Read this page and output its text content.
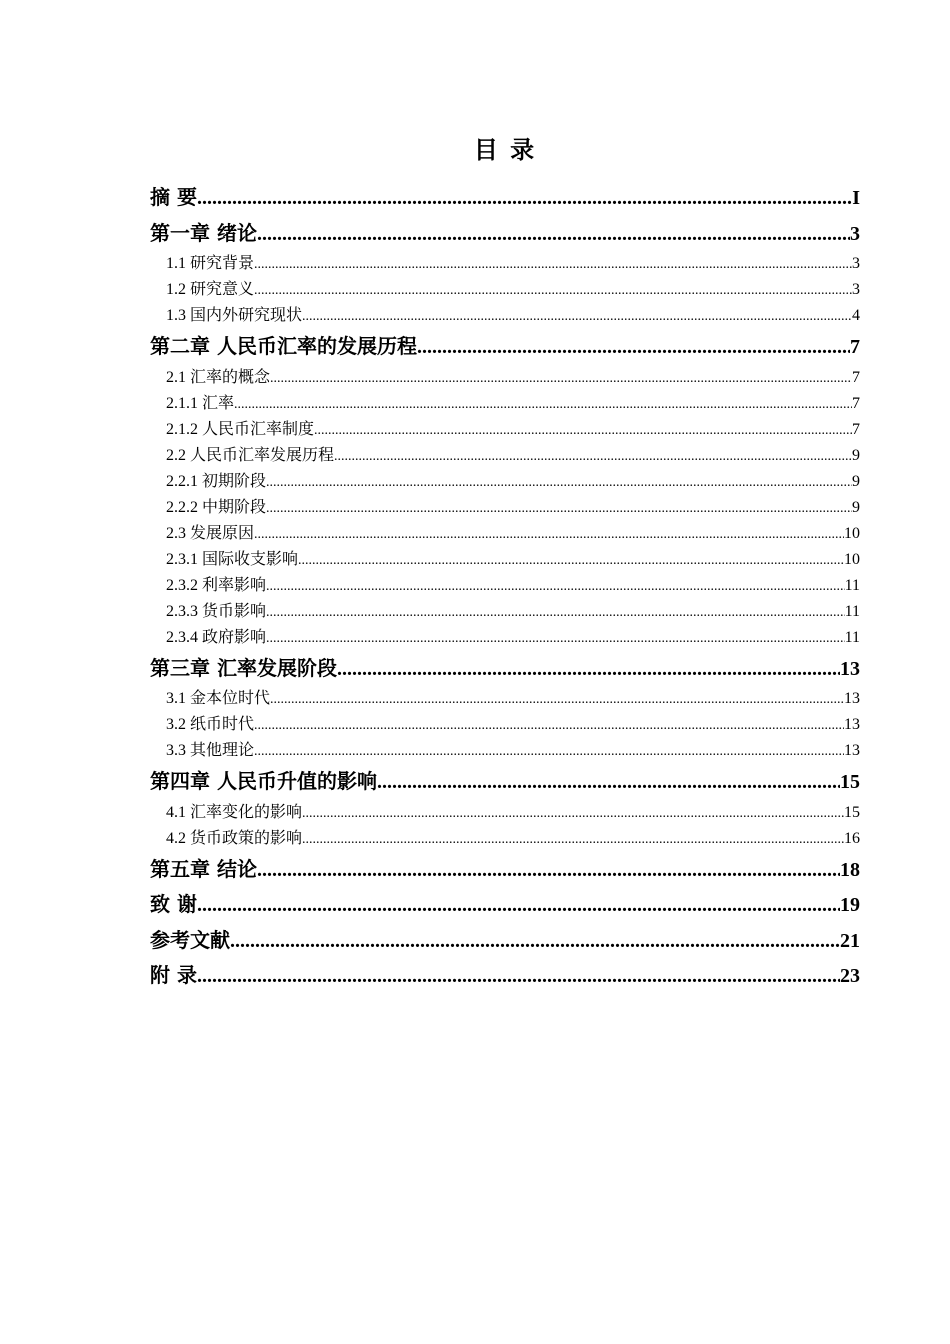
目 录
摘 要 .....	I
第一章 绪论 .....	3
1.1 研究背景 .....	3
1.2 研究意义 .....	3
1.3 国内外研究现状 .....	4
第二章 人民币汇率的发展历程 .....	7
2.1 汇率的概念 .....	7
2.1.1 汇率 .....	7
2.1.2 人民币汇率制度 .....	7
2.2 人民币汇率发展历程 .....	9
2.2.1 初期阶段 .....	9
2.2.2 中期阶段 .....	9
2.3 发展原因 .....	10
2.3.1 国际收支影响 .....	10
2.3.2 利率影响 .....	11
2.3.3 货币影响 .....	11
2.3.4 政府影响 .....	11
第三章 汇率发展阶段 .....	13
3.1 金本位时代 .....	13
3.2 纸币时代 .....	13
3.3 其他理论 .....	13
第四章 人民币升值的影响 .....	15
4.1 汇率变化的影响 .....	15
4.2 货币政策的影响 .....	16
第五章 结论 .....	18
致 谢 .....	19
参考文献 .....	21
附 录 .....	23
